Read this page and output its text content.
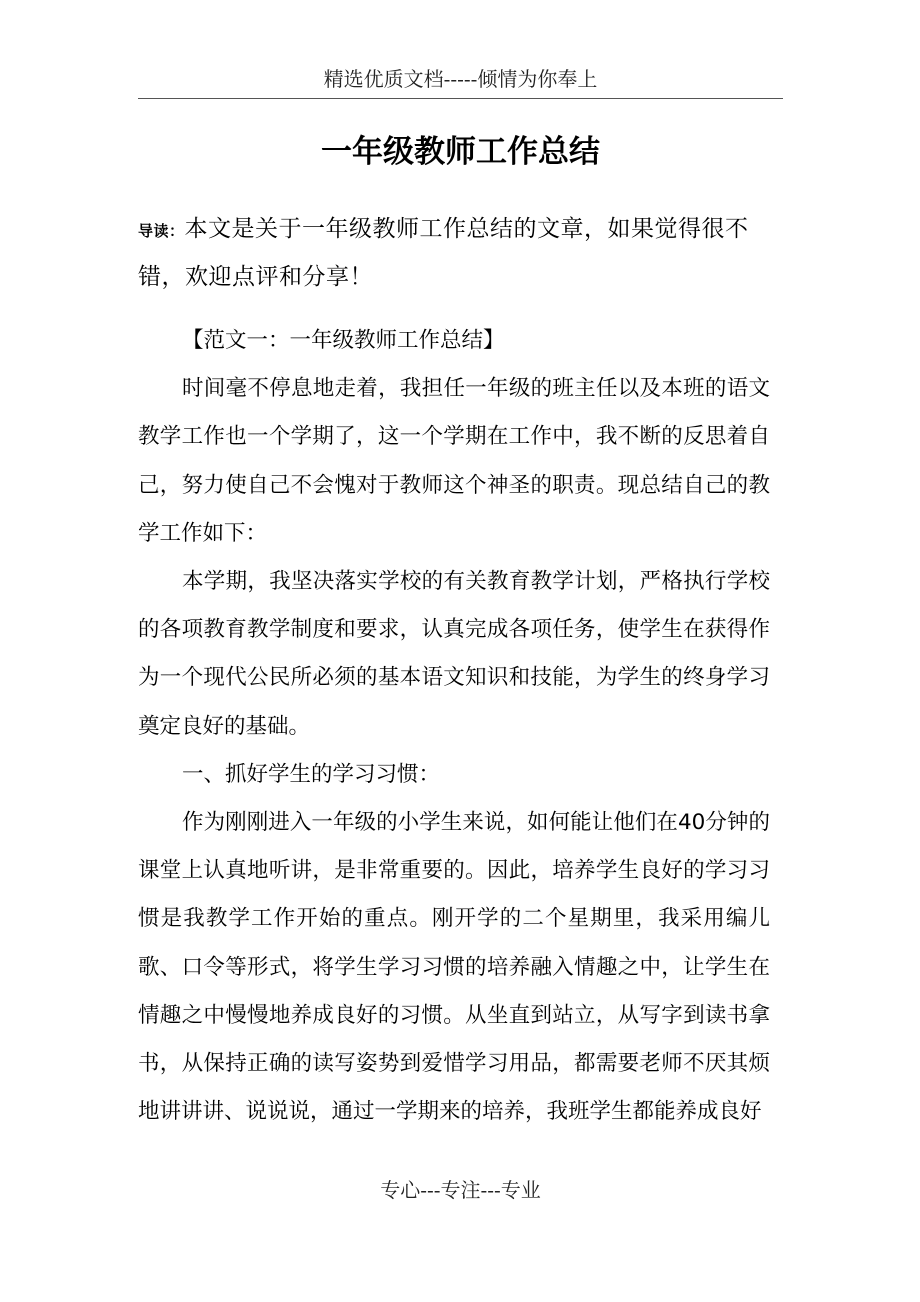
精选优质文档-----倾情为你奉上
一年级教师工作总结
导读：本文是关于一年级教师工作总结的文章，如果觉得很不错，欢迎点评和分享！

【范文一：一年级教师工作总结】

时间毫不停息地走着，我担任一年级的班主任以及本班的语文教学工作也一个学期了，这一个学期在工作中，我不断的反思着自己，努力使自己不会愧对于教师这个神圣的职责。现总结自己的教学工作如下：

本学期，我坚决落实学校的有关教育教学计划，严格执行学校的各项教育教学制度和要求，认真完成各项任务，使学生在获得作为一个现代公民所必须的基本语文知识和技能，为学生的终身学习奠定良好的基础。

一、抓好学生的学习习惯：

作为刚刚进入一年级的小学生来说，如何能让他们在40分钟的课堂上认真地听讲，是非常重要的。因此，培养学生良好的学习习惯是我教学工作开始的重点。刚开学的二个星期里，我采用编儿歌、口令等形式，将学生学习习惯的培养融入情趣之中，让学生在情趣之中慢慢地养成良好的习惯。从坐直到站立，从写字到读书拿书，从保持正确的读写姿势到爱惜学习用品，都需要老师不厌其烦地讲讲讲、说说说，通过一学期来的培养，我班学生都能养成良好

专心---专注---专业
